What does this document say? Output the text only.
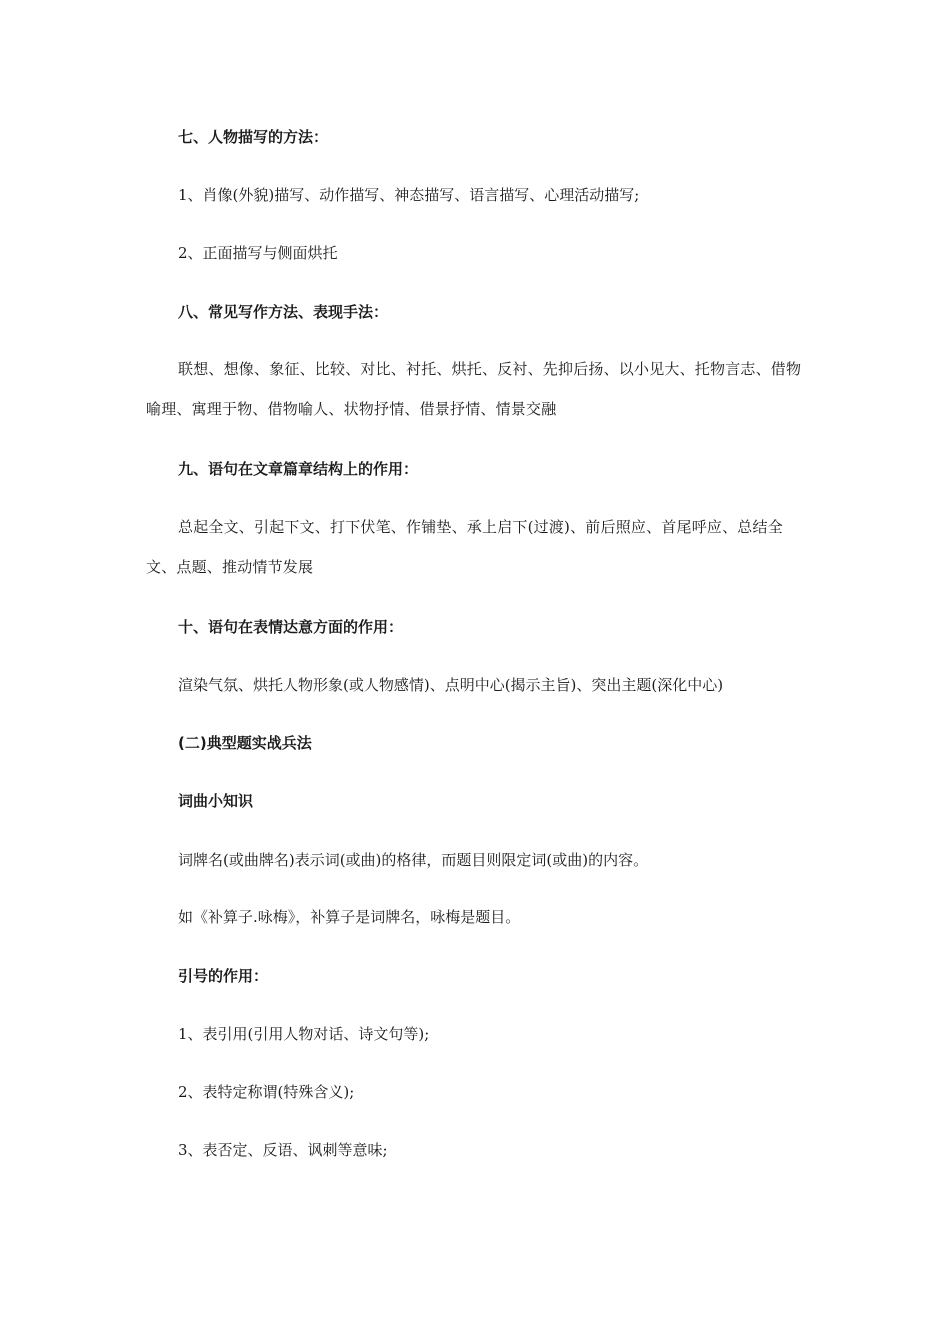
七、人物描写的方法：
1、肖像(外貌)描写、动作描写、神态描写、语言描写、心理活动描写;
2、正面描写与侧面烘托
八、常见写作方法、表现手法：
联想、想像、象征、比较、对比、衬托、烘托、反衬、先抑后扬、以小见大、托物言志、借物喻理、寓理于物、借物喻人、状物抒情、借景抒情、情景交融
九、语句在文章篇章结构上的作用：
总起全文、引起下文、打下伏笔、作铺垫、承上启下(过渡)、前后照应、首尾呼应、总结全文、点题、推动情节发展
十、语句在表情达意方面的作用：
渲染气氛、烘托人物形象(或人物感情)、点明中心(揭示主旨)、突出主题(深化中心)
(二)典型题实战兵法
词曲小知识
词牌名(或曲牌名)表示词(或曲)的格律，而题目则限定词(或曲)的内容。
如《补算子.咏梅》，补算子是词牌名，咏梅是题目。
引号的作用：
1、表引用(引用人物对话、诗文句等);
2、表特定称谓(特殊含义);
3、表否定、反语、讽刺等意味;
